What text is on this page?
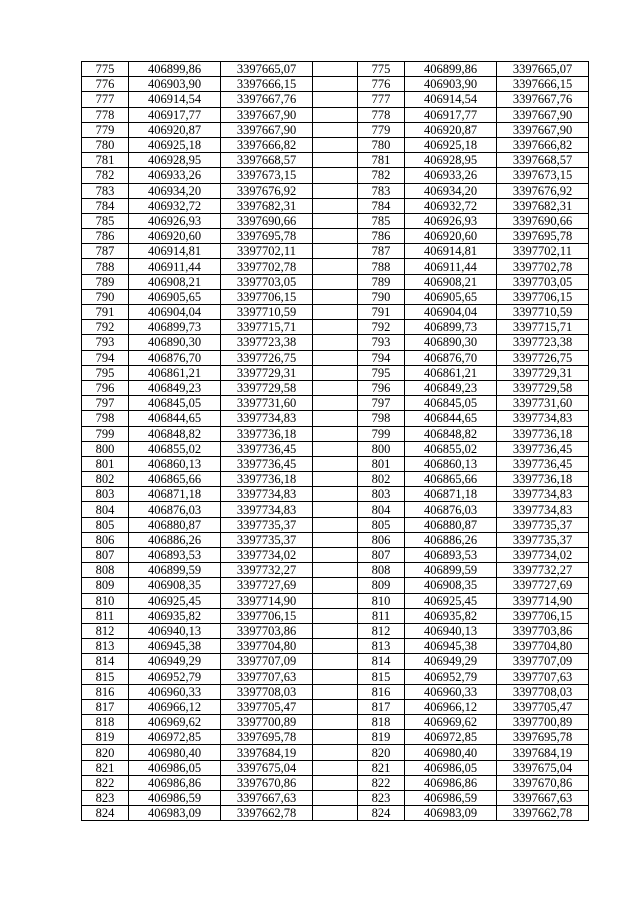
775	406899,86	3397665,07		775	406899,86	3397665,07
776	406903,90	3397666,15		776	406903,90	3397666,15
777	406914,54	3397667,76		777	406914,54	3397667,76
778	406917,77	3397667,90		778	406917,77	3397667,90
779	406920,87	3397667,90		779	406920,87	3397667,90
780	406925,18	3397666,82		780	406925,18	3397666,82
781	406928,95	3397668,57		781	406928,95	3397668,57
782	406933,26	3397673,15		782	406933,26	3397673,15
783	406934,20	3397676,92		783	406934,20	3397676,92
784	406932,72	3397682,31		784	406932,72	3397682,31
785	406926,93	3397690,66		785	406926,93	3397690,66
786	406920,60	3397695,78		786	406920,60	3397695,78
787	406914,81	3397702,11		787	406914,81	3397702,11
788	406911,44	3397702,78		788	406911,44	3397702,78
789	406908,21	3397703,05		789	406908,21	3397703,05
790	406905,65	3397706,15		790	406905,65	3397706,15
791	406904,04	3397710,59		791	406904,04	3397710,59
792	406899,73	3397715,71		792	406899,73	3397715,71
793	406890,30	3397723,38		793	406890,30	3397723,38
794	406876,70	3397726,75		794	406876,70	3397726,75
795	406861,21	3397729,31		795	406861,21	3397729,31
796	406849,23	3397729,58		796	406849,23	3397729,58
797	406845,05	3397731,60		797	406845,05	3397731,60
798	406844,65	3397734,83		798	406844,65	3397734,83
799	406848,82	3397736,18		799	406848,82	3397736,18
800	406855,02	3397736,45		800	406855,02	3397736,45
801	406860,13	3397736,45		801	406860,13	3397736,45
802	406865,66	3397736,18		802	406865,66	3397736,18
803	406871,18	3397734,83		803	406871,18	3397734,83
804	406876,03	3397734,83		804	406876,03	3397734,83
805	406880,87	3397735,37		805	406880,87	3397735,37
806	406886,26	3397735,37		806	406886,26	3397735,37
807	406893,53	3397734,02		807	406893,53	3397734,02
808	406899,59	3397732,27		808	406899,59	3397732,27
809	406908,35	3397727,69		809	406908,35	3397727,69
810	406925,45	3397714,90		810	406925,45	3397714,90
811	406935,82	3397706,15		811	406935,82	3397706,15
812	406940,13	3397703,86		812	406940,13	3397703,86
813	406945,38	3397704,80		813	406945,38	3397704,80
814	406949,29	3397707,09		814	406949,29	3397707,09
815	406952,79	3397707,63		815	406952,79	3397707,63
816	406960,33	3397708,03		816	406960,33	3397708,03
817	406966,12	3397705,47		817	406966,12	3397705,47
818	406969,62	3397700,89		818	406969,62	3397700,89
819	406972,85	3397695,78		819	406972,85	3397695,78
820	406980,40	3397684,19		820	406980,40	3397684,19
821	406986,05	3397675,04		821	406986,05	3397675,04
822	406986,86	3397670,86		822	406986,86	3397670,86
823	406986,59	3397667,63		823	406986,59	3397667,63
824	406983,09	3397662,78		824	406983,09	3397662,78
